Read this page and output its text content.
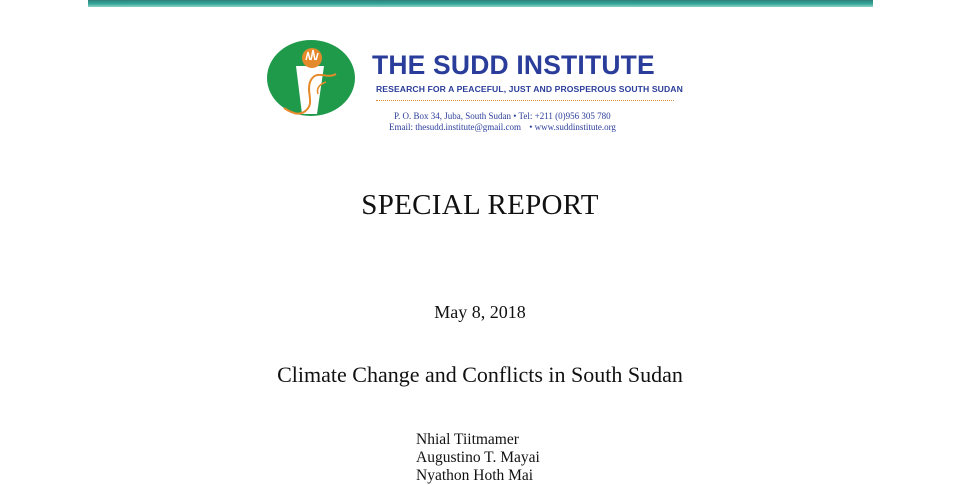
THE SUDD INSTITUTE
RESEARCH FOR A PEACEFUL, JUST AND PROSPEROUS SOUTH SUDAN
P. O. Box 34, Juba, South Sudan • Tel: +211 (0)956 305 780
Email: thesudd.institute@gmail.com • www.suddinstitute.org
SPECIAL REPORT
May 8, 2018
Climate Change and Conflicts in South Sudan
Nhial Tiitmamer
Augustino T. Mayai
Nyathon Hoth Mai
